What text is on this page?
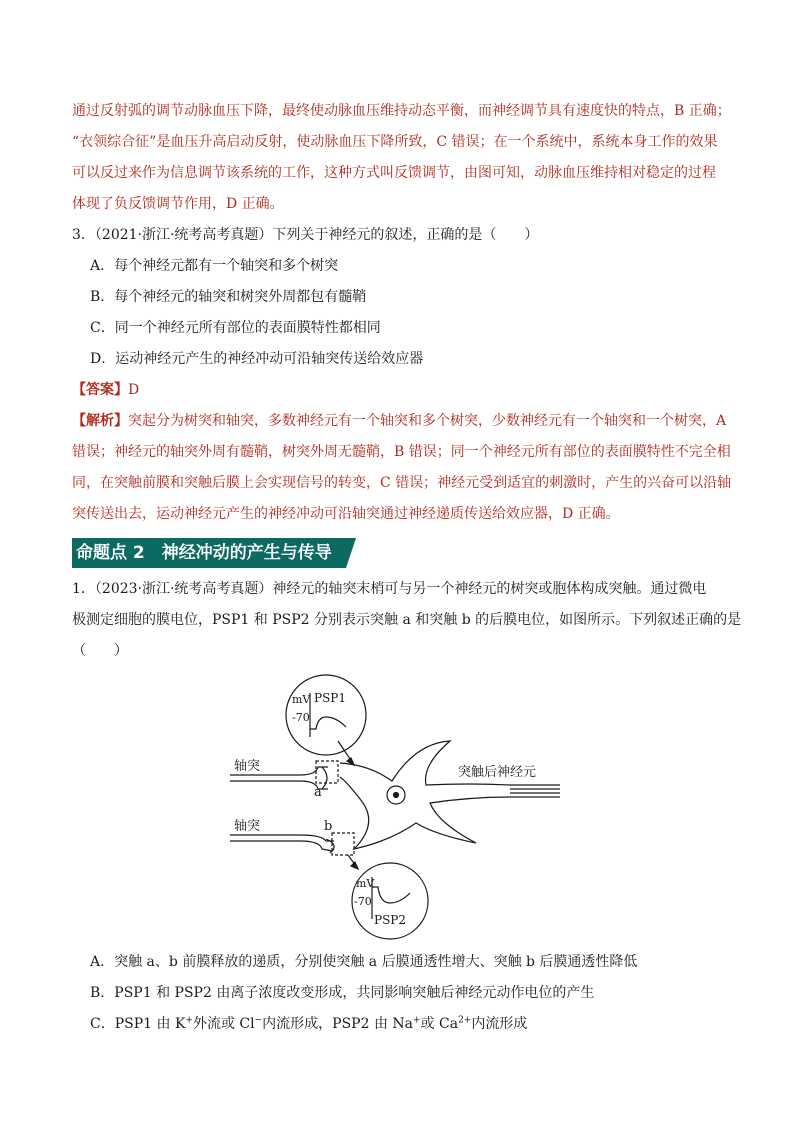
通过反射弧的调节动脉血压下降，最终使动脉血压维持动态平衡，而神经调节具有速度快的特点，B 正确；
“衣领综合征”是血压升高启动反射，使动脉血压下降所致，C 错误；在一个系统中，系统本身工作的效果
可以反过来作为信息调节该系统的工作，这种方式叫反馈调节，由图可知，动脉血压维持相对稳定的过程
体现了负反馈调节作用，D 正确。
3．（2021·浙江·统考高考真题）下列关于神经元的叙述，正确的是（　　）
A．每个神经元都有一个轴突和多个树突
B．每个神经元的轴突和树突外周都包有髓鞘
C．同一个神经元所有部位的表面膜特性都相同
D．运动神经元产生的神经冲动可沿轴突传送给效应器
【答案】D
【解析】突起分为树突和轴突，多数神经元有一个轴突和多个树突，少数神经元有一个轴突和一个树突，A
错误；神经元的轴突外周有髓鞘，树突外周无髓鞘，B 错误；同一个神经元所有部位的表面膜特性不完全相
同，在突触前膜和突触后膜上会实现信号的转变，C 错误；神经元受到适宜的刺激时，产生的兴奋可以沿轴
突传送出去，运动神经元产生的神经冲动可沿轴突通过神经递质传送给效应器，D 正确。
命题点 2　神经冲动的产生与传导
1．（2023·浙江·统考高考真题）神经元的轴突末梢可与另一个神经元的树突或胞体构成突触。通过微电
极测定细胞的膜电位，PSP1 和 PSP2 分别表示突触 a 和突触 b 的后膜电位，如图所示。下列叙述正确的是
（　　）
mV
-70
PSP1
轴突
a
轴突	b
突触后神经元
mV
-70
PSP2
A．突触 a、b 前膜释放的递质，分别使突触 a 后膜通透性增大、突触 b 后膜通透性降低
B．PSP1 和 PSP2 由离子浓度改变形成，共同影响突触后神经元动作电位的产生
C．PSP1 由 K+外流或 Cl−内流形成，PSP2 由 Na+或 $Ca^{2+}$内流形成
